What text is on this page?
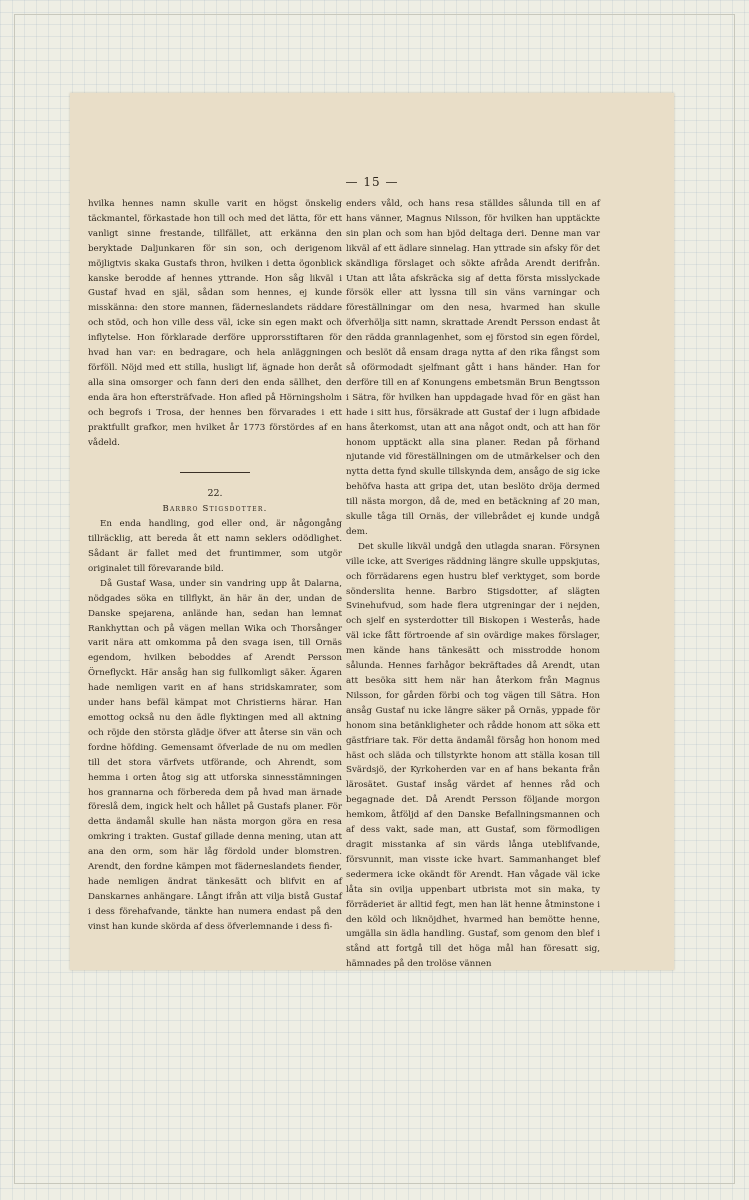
— 15 —

hvilka hennes namn skulle varit en högst önskelig täckmantel, förkastade hon till och med det lätta, för ett vanligt sinne frestande, tillfället, att erkänna den beryktade Daljunkaren för sin son, och derigenom möjligtvis skaka Gustafs thron, hvilken i detta ögonblick kanske berodde af hennes yttrande. Hon såg likväl i Gustaf hvad en själ, sådan som hennes, ej kunde misskänna: den store mannen, fäderneslandets räddare och stöd, och hon ville dess väl, icke sin egen makt och inflytelse. Hon förklarade derföre upprorsstiftaren för hvad han var: en bedragare, och hela anläggningen förföll. Nöjd med ett stilla, husligt lif, ägnade hon deråt alla sina omsorger och fann deri den enda sällhet, den enda ära hon eftersträfvade. Hon afled på Hörningsholm och begrofs i Trosa, der hennes ben förvarades i ett praktfullt grafkor, men hvilket år 1773 förstördes af en vådeld.

22.

Barbro Stigsdotter.

En enda handling, god eller ond, är någongång tillräcklig, att bereda åt ett namn seklers odödlighet. Sådant är fallet med det fruntimmer, som utgör originalet till förevarande bild.

Då Gustaf Wasa, under sin vandring upp åt Dalarna, nödgades söka en tillflykt, än här än der, undan de Danske spejarena, anlände han, sedan han lemnat Rankhyttan och på vägen mellan Wika och Thorsånger varit nära att omkomma på den svaga isen, till Ornäs egendom, hvilken beboddes af Arendt Persson Örneflyckt. Här ansåg han sig fullkomligt säker. Ägaren hade nemligen varit en af hans stridskamrater, som under hans befäl kämpat mot Christierns härar. Han emottog också nu den ädle flyktingen med all aktning och röjde den största glädje öfver att återse sin vän och fordne höfding. Gemensamt öfverlade de nu om medlen till det stora värfvets utförande, och Ahrendt, som hemma i orten åtog sig att utforska sinnesstämningen hos grannarna och förbereda dem på hvad man ärnade föreslå dem, ingick helt och hållet på Gustafs planer. För detta ändamål skulle han nästa morgon göra en resa omkring i trakten. Gustaf gillade denna mening, utan att ana den orm, som här låg fördold under blomstren. Arendt, den fordne kämpen mot fäderneslandets fiender, hade nemligen ändrat tänkesätt och blifvit en af Danskarnes anhängare. Långt ifrån att vilja bistå Gustaf i dess förehafvande, tänkte han numera endast på den vinst han kunde skörda af dess öfverlemnande i dess fi-

enders våld, och hans resa ställdes sålunda till en af hans vänner, Magnus Nilsson, för hvilken han upptäckte sin plan och som han bjöd deltaga deri. Denne man var likväl af ett ädlare sinnelag. Han yttrade sin afsky för det skändliga förslaget och sökte afråda Arendt derifrån. Utan att låta afskräcka sig af detta första misslyckade försök eller att lyssna till sin väns varningar och föreställningar om den nesa, hvarmed han skulle öfverhölja sitt namn, skrattade Arendt Persson endast åt den rädda grannlagenhet, som ej förstod sin egen fördel, och beslöt då ensam draga nytta af den rika fångst som så oförmodadt sjelfmant gått i hans händer. Han for derföre till en af Konungens embetsmän Brun Bengtsson i Sätra, för hvilken han uppdagade hvad för en gäst han hade i sitt hus, försäkrade att Gustaf der i lugn afbidade hans återkomst, utan att ana något ondt, och att han för honom upptäckt alla sina planer. Redan på förhand njutande vid föreställningen om de utmärkelser och den nytta detta fynd skulle tillskynda dem, ansågo de sig icke behöfva hasta att gripa det, utan beslöto dröja dermed till nästa morgon, då de, med en betäckning af 20 man, skulle tåga till Ornäs, der villebrådet ej kunde undgå dem.

Det skulle likväl undgå den utlagda snaran. Försynen ville icke, att Sveriges räddning längre skulle uppskjutas, och förrädarens egen hustru blef verktyget, som borde sönderslita henne. Barbro Stigsdotter, af slägten Svinehufvud, som hade flera utgreningar der i nejden, och sjelf en systerdotter till Biskopen i Westerås, hade väl icke fått förtroende af sin ovärdige makes förslager, men kände hans tänkesätt och misstrodde honom sålunda. Hennes farhågor bekräftades då Arendt, utan att besöka sitt hem när han återkom från Magnus Nilsson, for gården förbi och tog vägen till Sätra. Hon ansåg Gustaf nu icke längre säker på Ornäs, yppade för honom sina betänkligheter och rådde honom att söka ett gästfriare tak. För detta ändamål försåg hon honom med häst och släda och tillstyrkte honom att ställa kosan till Svärdsjö, der Kyrkoherden var en af hans bekanta från lärosätet. Gustaf insåg värdet af hennes råd och begagnade det. Då Arendt Persson följande morgon hemkom, åtföljd af den Danske Befallningsmannen och af dess vakt, sade man, att Gustaf, som förmodligen dragit misstanka af sin värds långa uteblifvande, försvunnit, man visste icke hvart. Sammanhanget blef sedermera icke okändt för Arendt. Han vågade väl icke låta sin ovilja uppenbart utbrista mot sin maka, ty förräderiet är alltid fegt, men han lät henne åtminstone i den köld och liknöjdhet, hvarmed han bemötte henne, umgälla sin ädla handling. Gustaf, som genom den blef i stånd att fortgå till det höga mål han föresatt sig, hämnades på den trolöse vännen
